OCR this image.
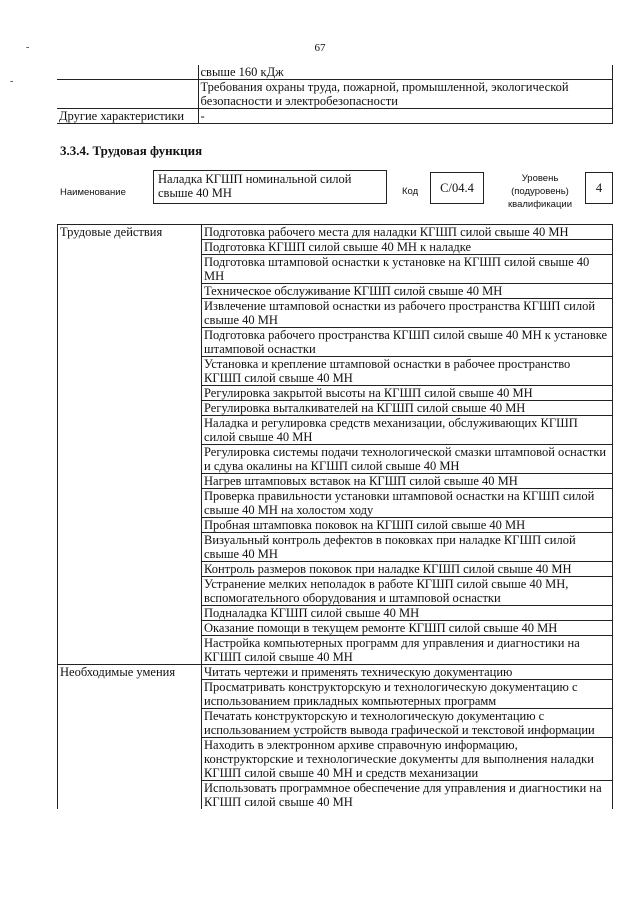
67
-
-
	свыше 160 кДж
	Требования охраны труда, пожарной, промышленной, экологической безопасности и электробезопасности
Другие характеристики	-
3.3.4. Трудовая функция
Наименование
Наладка КГШП номинальной силой свыше 40 МН	Код	С/04.4
Уровень (подуровень) квалификации
4
Трудовые действия	Подготовка рабочего места для наладки КГШП силой свыше 40 МН
	Подготовка КГШП силой свыше 40 МН к наладке
	Подготовка штамповой оснастки к установке на КГШП силой свыше 40 МН
	Техническое обслуживание КГШП силой свыше 40 МН
	Извлечение штамповой оснастки из рабочего пространства КГШП силой свыше 40 МН
	Подготовка рабочего пространства КГШП силой свыше 40 МН к установке штамповой оснастки
	Установка и крепление штамповой оснастки в рабочее пространство КГШП силой свыше 40 МН
	Регулировка закрытой высоты на КГШП силой свыше 40 МН
	Регулировка выталкивателей на КГШП силой свыше 40 МН
	Наладка и регулировка средств механизации, обслуживающих КГШП силой свыше 40 МН
	Регулировка системы подачи технологической смазки штамповой оснастки и сдува окалины на КГШП силой свыше 40 МН
	Нагрев штамповых вставок на КГШП силой свыше 40 МН
	Проверка правильности установки штамповой оснастки на КГШП силой свыше 40 МН на холостом ходу
	Пробная штамповка поковок на КГШП силой свыше 40 МН
	Визуальный контроль дефектов в поковках при наладке КГШП силой свыше 40 МН
	Контроль размеров поковок при наладке КГШП силой свыше 40 МН
	Устранение мелких неполадок в работе КГШП силой свыше 40 МН, вспомогательного оборудования и штамповой оснастки
	Подналадка КГШП силой свыше 40 МН
	Оказание помощи в текущем ремонте КГШП силой свыше 40 МН
	Настройка компьютерных программ для управления и диагностики на КГШП силой свыше 40 МН
Необходимые умения	Читать чертежи и применять техническую документацию
	Просматривать конструкторскую и технологическую документацию с использованием прикладных компьютерных программ
	Печатать конструкторскую и технологическую документацию с использованием устройств вывода графической и текстовой информации
	Находить в электронном архиве справочную информацию, конструкторские и технологические документы для выполнения наладки КГШП силой свыше 40 МН и средств механизации
	Использовать программное обеспечение для управления и диагностики на КГШП силой свыше 40 МН
